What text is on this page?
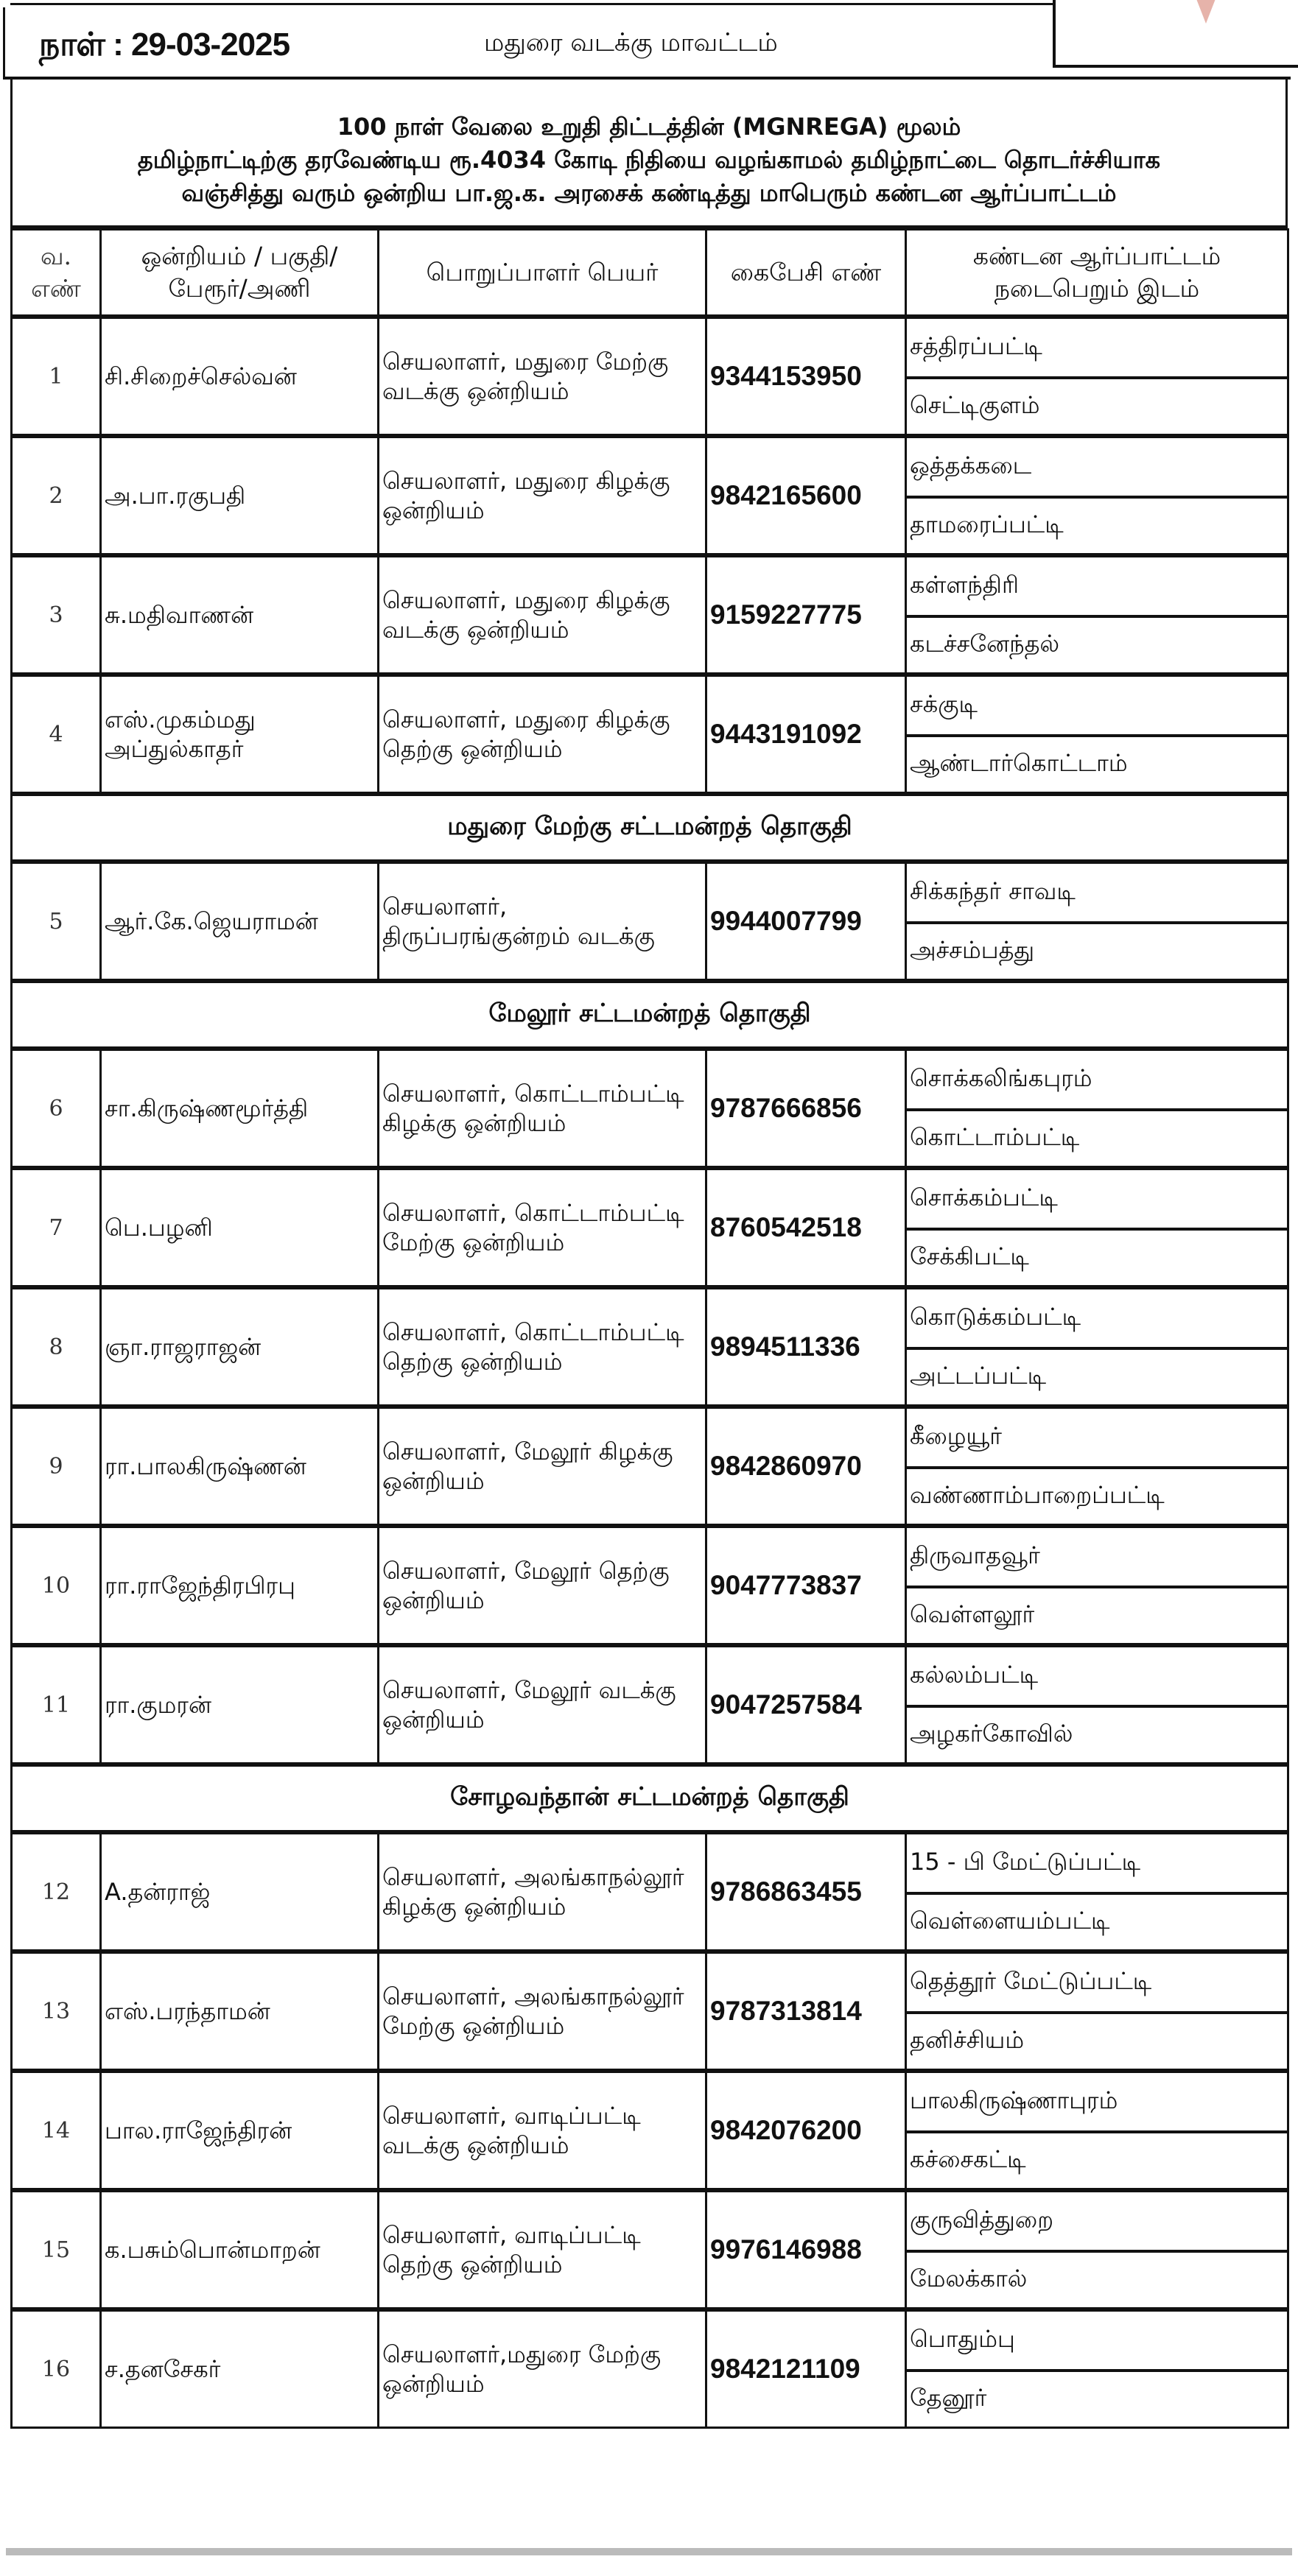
நாள் : 29-03-2025	மதுரை வடக்கு மாவட்டம்
100 நாள் வேலை உறுதி திட்டத்தின் (MGNREGA) மூலம்
தமிழ்நாட்டிற்கு தரவேண்டிய ரூ.4034 கோடி நிதியை வழங்காமல் தமிழ்நாட்டை தொடர்ச்சியாக
வஞ்சித்து வரும் ஒன்றிய பா.ஜ.க. அரசைக் கண்டித்து மாபெரும் கண்டன ஆர்ப்பாட்டம்
வ. எண்	ஒன்றியம் / பகுதி/ பேரூர்/அணி	பொறுப்பாளர் பெயர்	கைபேசி எண்	கண்டன ஆர்ப்பாட்டம் நடைபெறும் இடம்
1	சி.சிறைச்செல்வன்	செயலாளர், மதுரை மேற்கு வடக்கு ஒன்றியம்	9344153950	சத்திரப்பட்டி
செட்டிகுளம்

2	அ.பா.ரகுபதி	செயலாளர், மதுரை கிழக்கு ஒன்றியம்	9842165600	ஒத்தக்கடை
தாமரைப்பட்டி

3	சு.மதிவாணன்	செயலாளர், மதுரை கிழக்கு வடக்கு ஒன்றியம்	9159227775	கள்ளந்திரி
கடச்சனேந்தல்

4	எஸ்.முகம்மது அப்துல்காதர்	செயலாளர், மதுரை கிழக்கு தெற்கு ஒன்றியம்	9443191092	சக்குடி
ஆண்டார்கொட்டாம்

மதுரை மேற்கு சட்டமன்றத் தொகுதி				
5	ஆர்.கே.ஜெயராமன்	செயலாளர், திருப்பரங்குன்றம் வடக்கு	9944007799	சிக்கந்தர் சாவடி
அச்சம்பத்து

மேலூர் சட்டமன்றத் தொகுதி				
6	சா.கிருஷ்ணமூர்த்தி	செயலாளர், கொட்டாம்பட்டி கிழக்கு ஒன்றியம்	9787666856	சொக்கலிங்கபுரம்
கொட்டாம்பட்டி

7	பெ.பழனி	செயலாளர், கொட்டாம்பட்டி மேற்கு ஒன்றியம்	8760542518	சொக்கம்பட்டி
சேக்கிபட்டி

8	ஞா.ராஜராஜன்	செயலாளர், கொட்டாம்பட்டி தெற்கு ஒன்றியம்	9894511336	கொடுக்கம்பட்டி
அட்டப்பட்டி

9	ரா.பாலகிருஷ்ணன்	செயலாளர், மேலூர் கிழக்கு ஒன்றியம்	9842860970	கீழையூர்
வண்ணாம்பாறைப்பட்டி

10	ரா.ராஜேந்திரபிரபு	செயலாளர், மேலூர் தெற்கு ஒன்றியம்	9047773837	திருவாதவூர்
வெள்ளலூர்

11	ரா.குமரன்	செயலாளர், மேலூர் வடக்கு ஒன்றியம்	9047257584	கல்லம்பட்டி
அழகர்கோவில்

சோழவந்தான் சட்டமன்றத் தொகுதி				
12	A.தன்ராஜ்	செயலாளர், அலங்காநல்லூர் கிழக்கு ஒன்றியம்	9786863455	15 - பி மேட்டுப்பட்டி
வெள்ளையம்பட்டி

13	எஸ்.பரந்தாமன்	செயலாளர், அலங்காநல்லூர் மேற்கு ஒன்றியம்	9787313814	தெத்தூர் மேட்டுப்பட்டி
தனிச்சியம்

14	பால.ராஜேந்திரன்	செயலாளர், வாடிப்பட்டி வடக்கு ஒன்றியம்	9842076200	பாலகிருஷ்ணாபுரம்
கச்சைகட்டி

15	க.பசும்பொன்மாறன்	செயலாளர், வாடிப்பட்டி தெற்கு ஒன்றியம்	9976146988	குருவித்துறை
மேலக்கால்

16	ச.தனசேகர்	செயலாளர்,மதுரை மேற்கு ஒன்றியம்	9842121109	பொதும்பு
தேனூர்
